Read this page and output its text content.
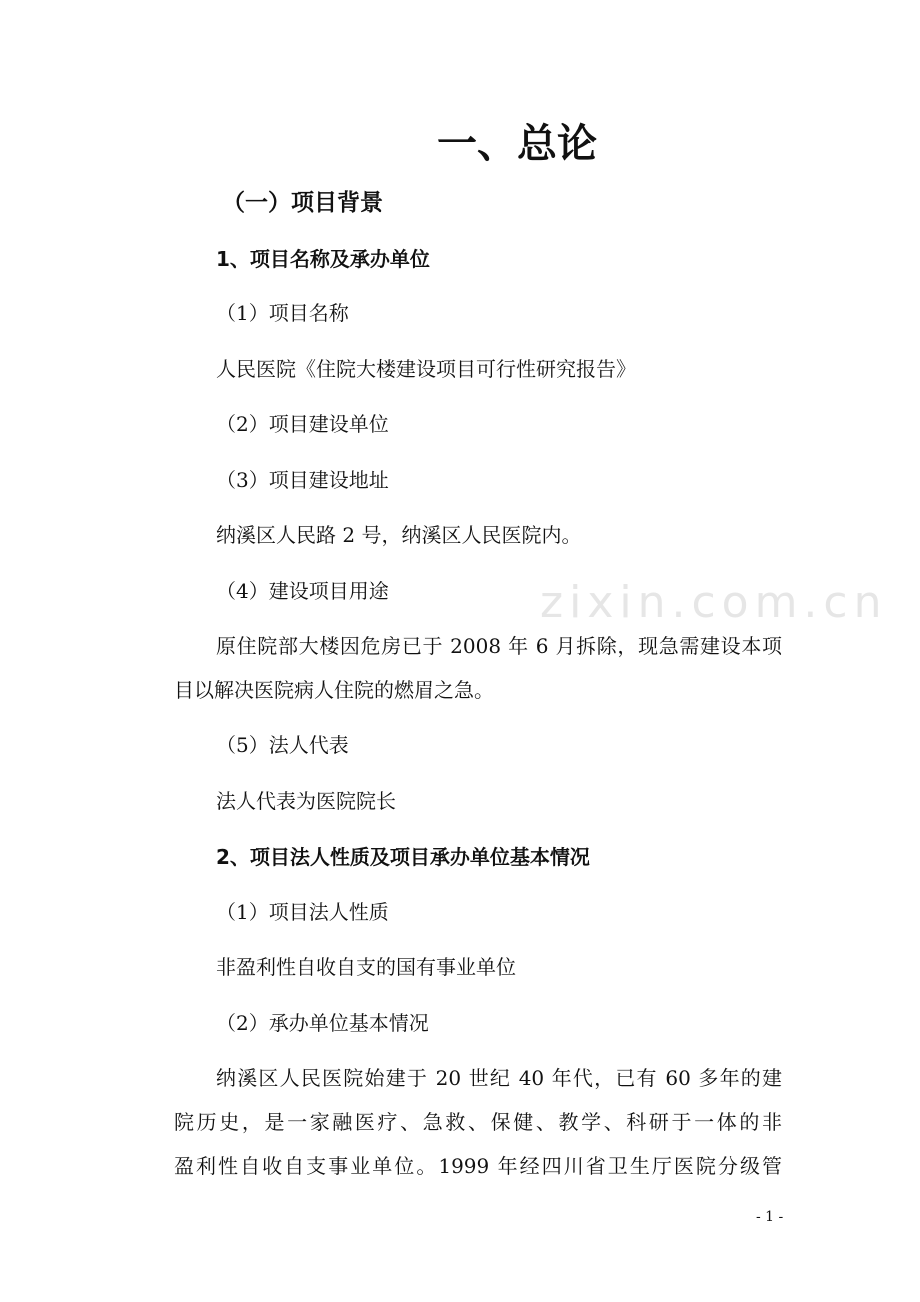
zixin.com.cn
一、总论
（一）项目背景
1、项目名称及承办单位
（1）项目名称
人民医院《住院大楼建设项目可行性研究报告》
（2）项目建设单位
（3）项目建设地址
纳溪区人民路 2 号，纳溪区人民医院内。
（4）建设项目用途
原住院部大楼因危房已于 2008 年 6 月拆除，现急需建设本项
目以解决医院病人住院的燃眉之急。
（5）法人代表
法人代表为医院院长
2、项目法人性质及项目承办单位基本情况
（1）项目法人性质
非盈利性自收自支的国有事业单位
（2）承办单位基本情况
纳溪区人民医院始建于 20 世纪 40 年代，已有 60 多年的建
院历史，是一家融医疗、急救、保健、教学、科研于一体的非
盈利性自收自支事业单位。1999 年经四川省卫生厅医院分级管
- 1 -
